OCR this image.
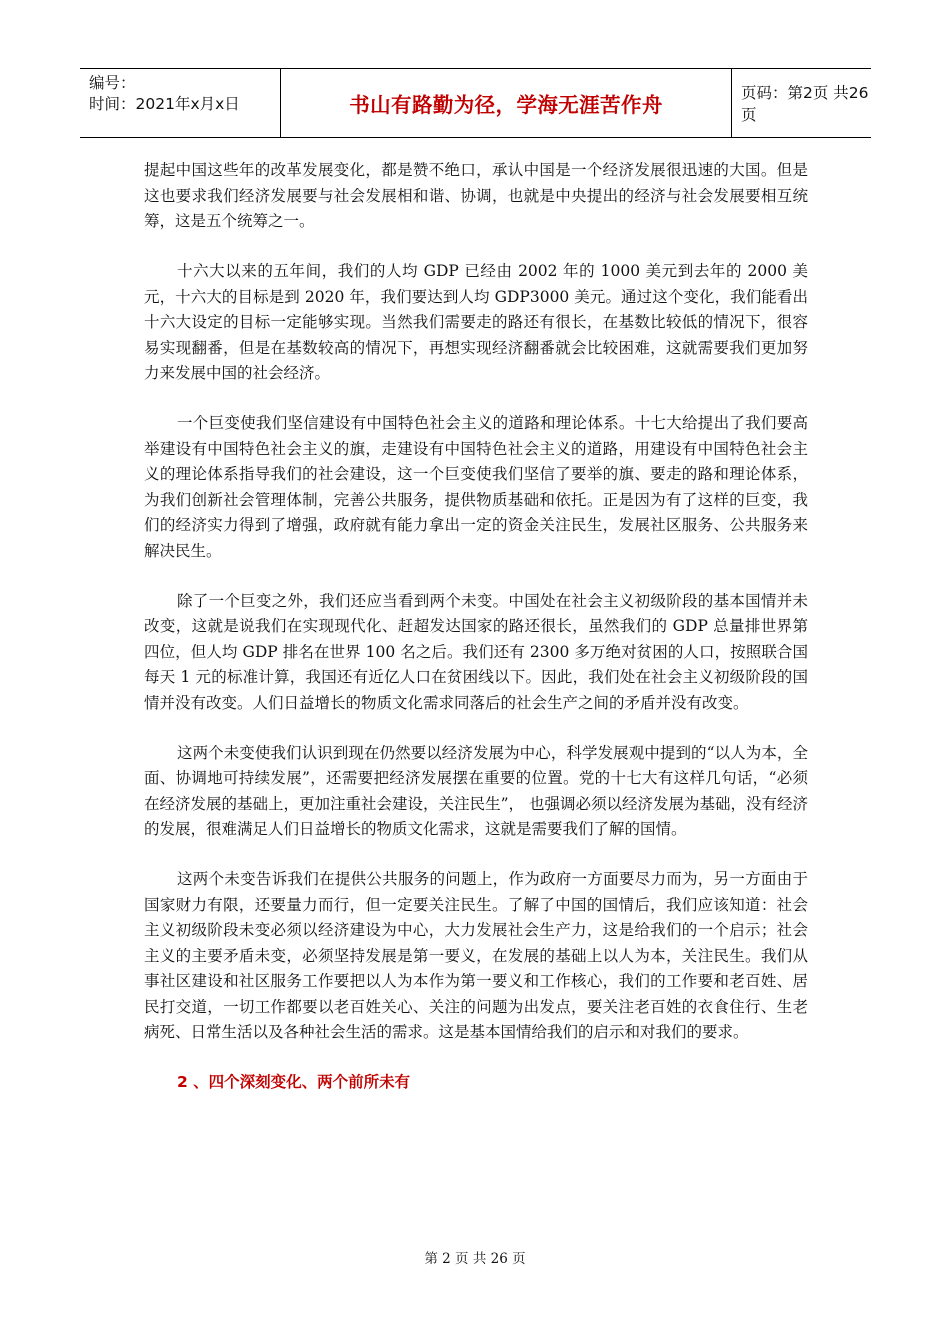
编号：
时间：2021年x月x日	书山有路勤为径，学海无涯苦作舟	页码：第2页 共26页

提起中国这些年的改革发展变化，都是赞不绝口，承认中国是一个经济发展很迅速的大国。但是这也要求我们经济发展要与社会发展相和谐、协调，也就是中央提出的经济与社会发展要相互统筹，这是五个统筹之一。

十六大以来的五年间，我们的人均 GDP 已经由 2002 年的 1000 美元到去年的 2000 美元，十六大的目标是到 2020 年，我们要达到人均 GDP3000 美元。通过这个变化，我们能看出十六大设定的目标一定能够实现。当然我们需要走的路还有很长，在基数比较低的情况下，很容易实现翻番，但是在基数较高的情况下，再想实现经济翻番就会比较困难，这就需要我们更加努力来发展中国的社会经济。

一个巨变使我们坚信建设有中国特色社会主义的道路和理论体系。十七大给提出了我们要高举建设有中国特色社会主义的旗，走建设有中国特色社会主义的道路，用建设有中国特色社会主义的理论体系指导我们的社会建设，这一个巨变使我们坚信了要举的旗、要走的路和理论体系，为我们创新社会管理体制，完善公共服务，提供物质基础和依托。正是因为有了这样的巨变，我们的经济实力得到了增强，政府就有能力拿出一定的资金关注民生，发展社区服务、公共服务来解决民生。

除了一个巨变之外，我们还应当看到两个未变。中国处在社会主义初级阶段的基本国情并未改变，这就是说我们在实现现代化、赶超发达国家的路还很长，虽然我们的 GDP 总量排世界第四位，但人均 GDP 排名在世界 100 名之后。我们还有 2300 多万绝对贫困的人口，按照联合国每天 1 元的标准计算，我国还有近亿人口在贫困线以下。因此，我们处在社会主义初级阶段的国情并没有改变。人们日益增长的物质文化需求同落后的社会生产之间的矛盾并没有改变。

这两个未变使我们认识到现在仍然要以经济发展为中心，科学发展观中提到的“以人为本，全面、协调地可持续发展”，还需要把经济发展摆在重要的位置。党的十七大有这样几句话，“必须在经济发展的基础上，更加注重社会建设，关注民生”， 也强调必须以经济发展为基础，没有经济的发展，很难满足人们日益增长的物质文化需求，这就是需要我们了解的国情。

这两个未变告诉我们在提供公共服务的问题上，作为政府一方面要尽力而为，另一方面由于国家财力有限，还要量力而行，但一定要关注民生。了解了中国的国情后，我们应该知道：社会主义初级阶段未变必须以经济建设为中心，大力发展社会生产力，这是给我们的一个启示；社会主义的主要矛盾未变，必须坚持发展是第一要义，在发展的基础上以人为本，关注民生。我们从事社区建设和社区服务工作要把以人为本作为第一要义和工作核心，我们的工作要和老百姓、居民打交道，一切工作都要以老百姓关心、关注的问题为出发点，要关注老百姓的衣食住行、生老病死、日常生活以及各种社会生活的需求。这是基本国情给我们的启示和对我们的要求。

2 、四个深刻变化、两个前所未有
第 2 页 共 26 页
